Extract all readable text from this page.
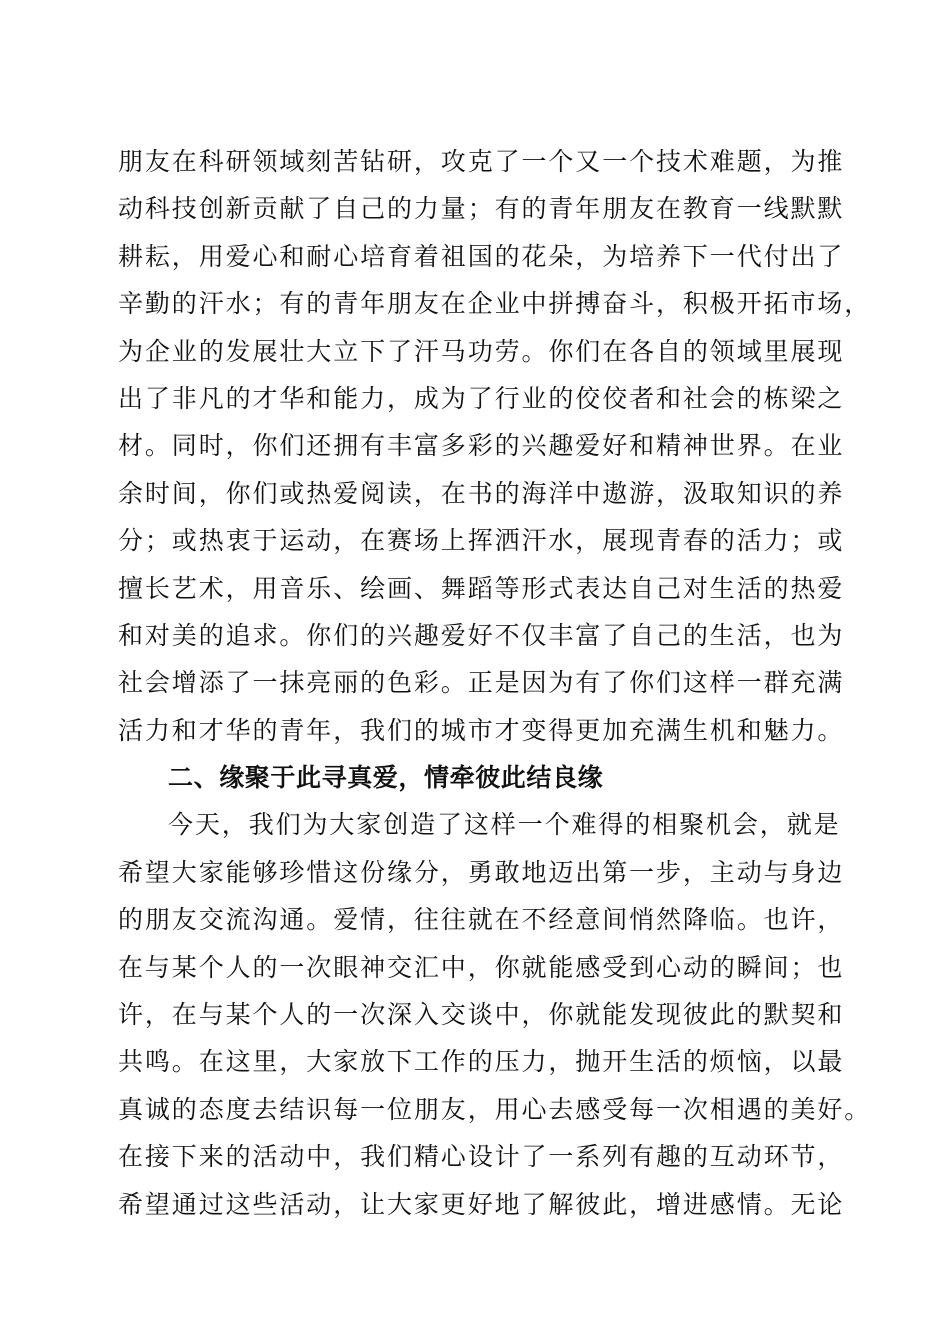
朋友在科研领域刻苦钻研，攻克了一个又一个技术难题，为推
动科技创新贡献了自己的力量；有的青年朋友在教育一线默默
耕耘，用爱心和耐心培育着祖国的花朵，为培养下一代付出了
辛勤的汗水；有的青年朋友在企业中拼搏奋斗，积极开拓市场，
为企业的发展壮大立下了汗马功劳。你们在各自的领域里展现
出了非凡的才华和能力，成为了行业的佼佼者和社会的栋梁之
材。同时，你们还拥有丰富多彩的兴趣爱好和精神世界。在业
余时间，你们或热爱阅读，在书的海洋中遨游，汲取知识的养
分；或热衷于运动，在赛场上挥洒汗水，展现青春的活力；或
擅长艺术，用音乐、绘画、舞蹈等形式表达自己对生活的热爱
和对美的追求。你们的兴趣爱好不仅丰富了自己的生活，也为
社会增添了一抹亮丽的色彩。正是因为有了你们这样一群充满
活力和才华的青年，我们的城市才变得更加充满生机和魅力。
二、缘聚于此寻真爱，情牵彼此结良缘
今天，我们为大家创造了这样一个难得的相聚机会，就是
希望大家能够珍惜这份缘分，勇敢地迈出第一步，主动与身边
的朋友交流沟通。爱情，往往就在不经意间悄然降临。也许，
在与某个人的一次眼神交汇中，你就能感受到心动的瞬间；也
许，在与某个人的一次深入交谈中，你就能发现彼此的默契和
共鸣。在这里，大家放下工作的压力，抛开生活的烦恼，以最
真诚的态度去结识每一位朋友，用心去感受每一次相遇的美好。
在接下来的活动中，我们精心设计了一系列有趣的互动环节，
希望通过这些活动，让大家更好地了解彼此，增进感情。无论
